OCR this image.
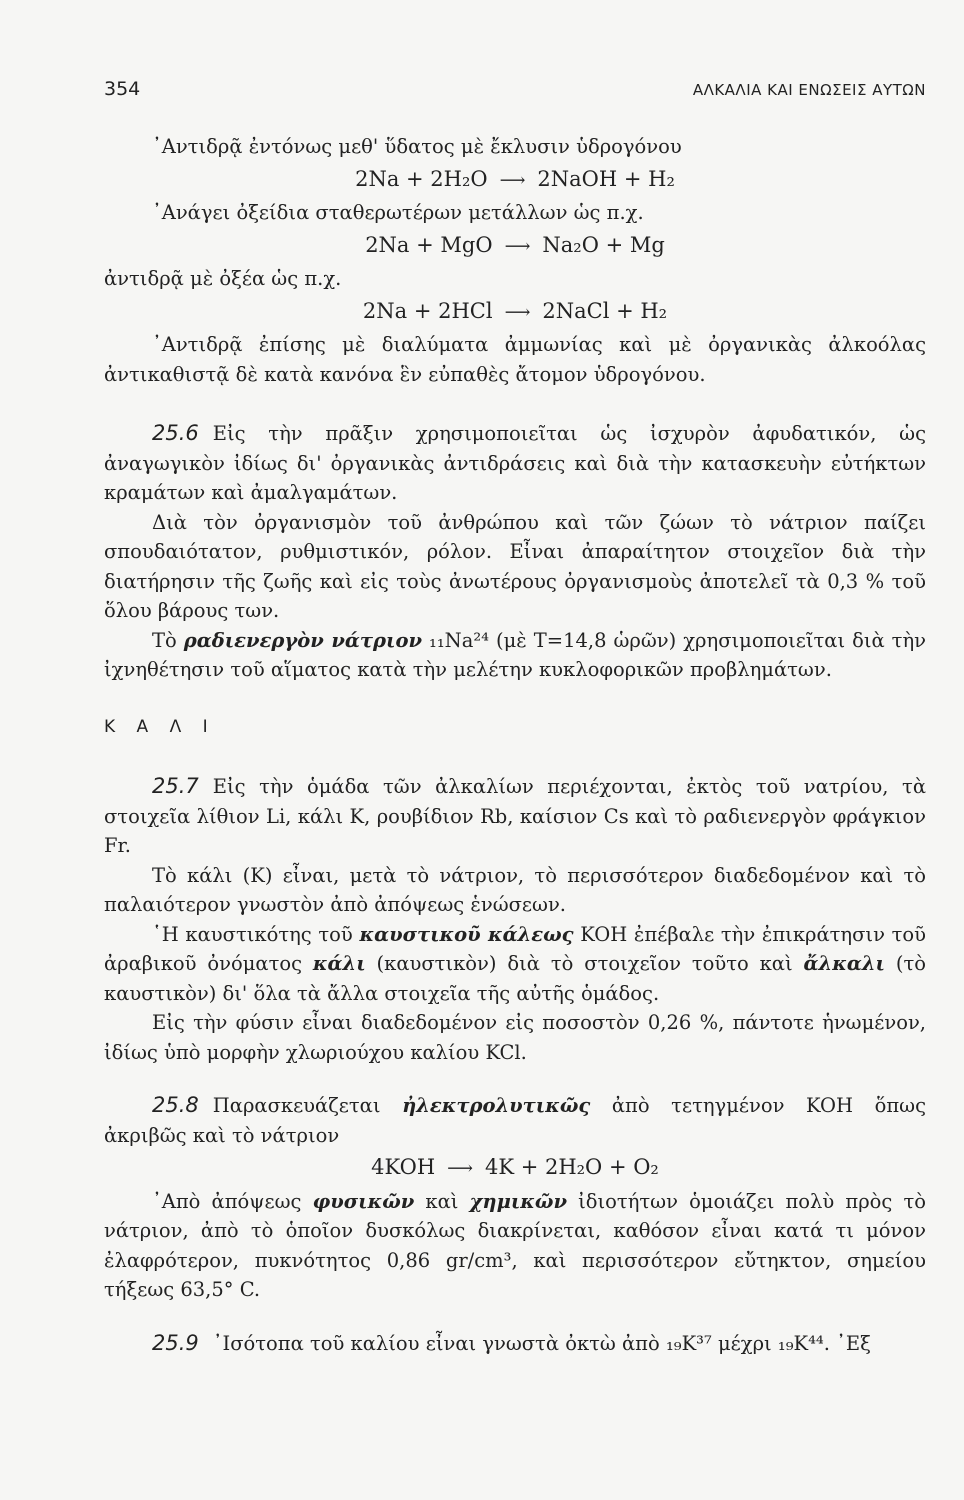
354	ΑΛΚΑΛΙΑ ΚΑΙ ΕΝΩΣΕΙΣ ΑΥΤΩΝ

᾿Αντιδρᾷ ἐντόνως μεθ' ὕδατος μὲ ἔκλυσιν ὑδρογόνου

2Na + 2H₂O ⟶ 2NaOH + H₂

᾿Ανάγει ὀξείδια σταθερωτέρων μετάλλων ὡς π.χ.

2Na + MgO ⟶ Na₂O + Mg

ἀντιδρᾷ μὲ ὀξέα ὡς π.χ.

2Na + 2HCl ⟶ 2NaCl + H₂

᾿Αντιδρᾷ ἐπίσης μὲ διαλύματα ἀμμωνίας καὶ μὲ ὀργανικὰς ἀλκοόλας ἀντικαθιστᾷ δὲ κατὰ κανόνα ἓν εὐπαθὲς ἄτομον ὑδρογόνου.

25.6 Εἰς τὴν πρᾶξιν χρησιμοποιεῖται ὡς ἰσχυρὸν ἀφυδατικόν, ὡς ἀναγωγικὸν ἰδίως δι' ὀργανικὰς ἀντιδράσεις καὶ διὰ τὴν κατασκευὴν εὐτήκτων κραμάτων καὶ ἀμαλγαμάτων.

Διὰ τὸν ὀργανισμὸν τοῦ ἀνθρώπου καὶ τῶν ζώων τὸ νάτριον παίζει σπουδαιότατον, ρυθμιστικόν, ρόλον. Εἶναι ἀπαραίτητον στοιχεῖον διὰ τὴν διατήρησιν τῆς ζωῆς καὶ εἰς τοὺς ἀνωτέρους ὀργανισμοὺς ἀποτελεῖ τὰ 0,3 % τοῦ ὅλου βάρους των.

Τὸ ραδιενεργὸν νάτριον ₁₁Na²⁴ (μὲ T=14,8 ὡρῶν) χρησιμοποιεῖται διὰ τὴν ἰχνηθέτησιν τοῦ αἵματος κατὰ τὴν μελέτην κυκλοφορικῶν προβλημάτων.

Κ Α Λ Ι

25.7 Εἰς τὴν ὁμάδα τῶν ἀλκαλίων περιέχονται, ἐκτὸς τοῦ νατρίου, τὰ στοιχεῖα λίθιον Li, κάλι K, ρουβίδιον Rb, καίσιον Cs καὶ τὸ ραδιενεργὸν φράγκιον Fr.

Τὸ κάλι (K) εἶναι, μετὰ τὸ νάτριον, τὸ περισσότερον διαδεδομένον καὶ τὸ παλαιότερον γνωστὸν ἀπὸ ἀπόψεως ἑνώσεων.

῾Η καυστικότης τοῦ καυστικοῦ κάλεως KOH ἐπέβαλε τὴν ἐπικράτησιν τοῦ ἀραβικοῦ ὀνόματος κάλι (καυστικὸν) διὰ τὸ στοιχεῖον τοῦτο καὶ ἄλκαλι (τὸ καυστικὸν) δι' ὅλα τὰ ἄλλα στοιχεῖα τῆς αὐτῆς ὁμάδος.

Εἰς τὴν φύσιν εἶναι διαδεδομένον εἰς ποσοστὸν 0,26 %, πάντοτε ἡνωμένον, ἰδίως ὑπὸ μορφὴν χλωριούχου καλίου KCl.

25.8 Παρασκευάζεται ἠλεκτρολυτικῶς ἀπὸ τετηγμένον KOH ὅπως ἀκριβῶς καὶ τὸ νάτριον

4KOH ⟶ 4K + 2H₂O + O₂

᾿Απὸ ἀπόψεως φυσικῶν καὶ χημικῶν ἰδιοτήτων ὁμοιάζει πολὺ πρὸς τὸ νάτριον, ἀπὸ τὸ ὁποῖον δυσκόλως διακρίνεται, καθόσον εἶναι κατά τι μόνον ἐλαφρότερον, πυκνότητος 0,86 gr/cm³, καὶ περισσότερον εὔτηκτον, σημείου τήξεως 63,5° C.

25.9 ᾿Ισότοπα τοῦ καλίου εἶναι γνωστὰ ὀκτὼ ἀπὸ ₁₉K³⁷ μέχρι ₁₉K⁴⁴. ᾿Εξ
